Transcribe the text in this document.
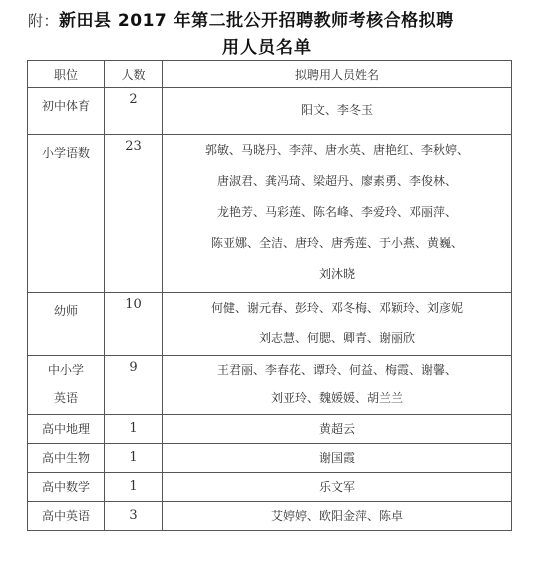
附：新田县 2017 年第二批公开招聘教师考核合格拟聘
用人员名单
职位	人数	拟聘用人员姓名

初中体育	2	阳文、李冬玉

小学语数	23	郭敏、马晓丹、李萍、唐水英、唐艳红、李秋婷、
唐淑君、龚冯琦、梁超丹、廖素勇、李俊林、
龙艳芳、马彩莲、陈名峰、李爱玲、邓丽萍、
陈亚娜、全洁、唐玲、唐秀莲、于小燕、黄巍、
刘沐晓

幼师	10	何健、谢元春、彭玲、邓冬梅、邓颖玲、刘彦妮
刘志慧、何腮、卿青、谢丽欣

中小学
英语	9	王君丽、李春花、谭玲、何益、梅霞、谢馨、
刘亚玲、魏媛媛、胡兰兰

高中地理	1	黄超云

高中生物	1	谢国霞

高中数学	1	乐文军

高中英语	3	艾婷婷、欧阳金萍、陈卓
